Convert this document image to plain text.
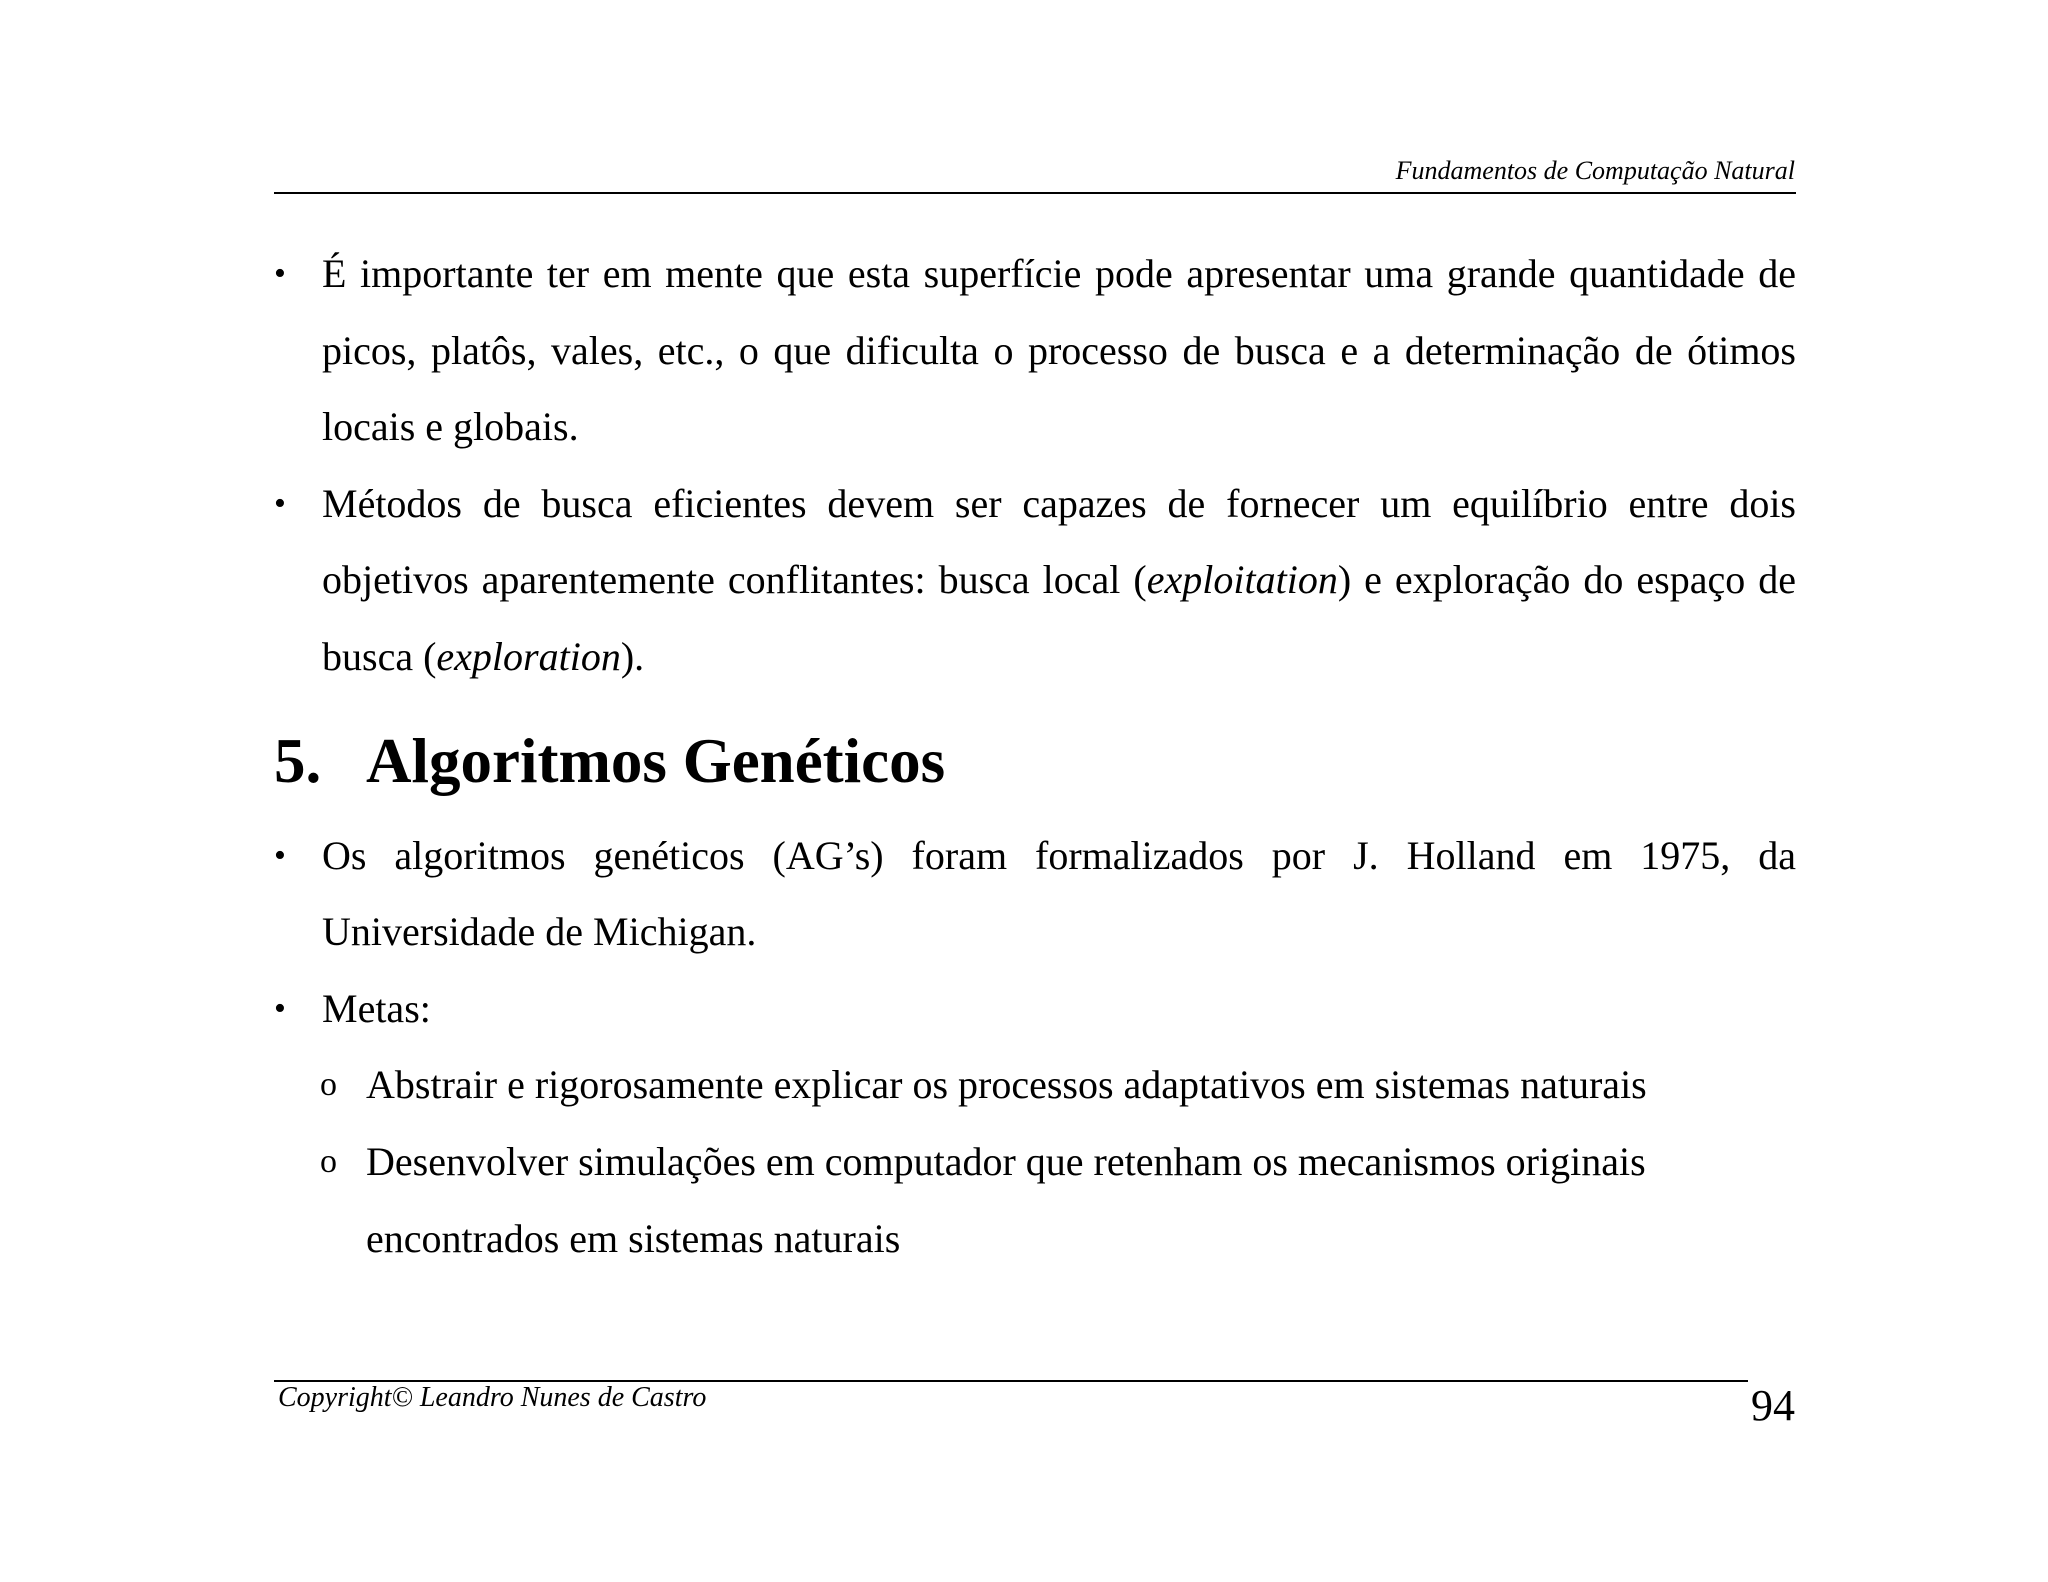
Fundamentos de Computação Natural
• É importante ter em mente que esta superfície pode apresentar uma grande quantidade de picos, platôs, vales, etc., o que dificulta o processo de busca e a determinação de ótimos locais e globais.
• Métodos de busca eficientes devem ser capazes de fornecer um equilíbrio entre dois objetivos aparentemente conflitantes: busca local (exploitation) e exploração do espaço de busca (exploration).
5. Algoritmos Genéticos
• Os algoritmos genéticos (AG’s) foram formalizados por J. Holland em 1975, da Universidade de Michigan.
• Metas:
o Abstrair e rigorosamente explicar os processos adaptativos em sistemas naturais
o Desenvolver simulações em computador que retenham os mecanismos originais encontrados em sistemas naturais
Copyright© Leandro Nunes de Castro	94
